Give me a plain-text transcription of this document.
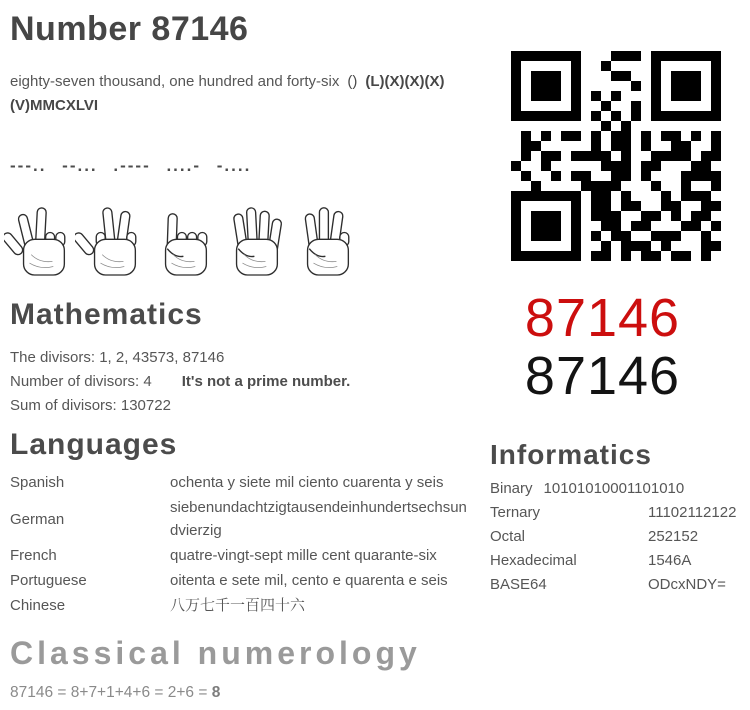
Number 87146

eighty-seven thousand, one hundred and forty-six () (L)(X)(X)(X)(V)MMCXLVI

---.. --... .---- ....- -....
87146
87146
Mathematics
The divisors: 1, 2, 43573, 87146
Number of divisors: 4 It's not a prime number.
Sum of divisors: 130722
Languages
Spanish	ochenta y siete mil ciento cuarenta y seis
German	siebenundachtzigtausendeinhundertsechsundvierzig
French	quatre-vingt-sept mille cent quarante-six
Portuguese	oitenta e sete mil, cento e quarenta e seis
Chinese	八万七千一百四十六
Informatics
Binary 10101010001101010
Ternary	11102112122
Octal	252152
Hexadecimal	1546A
BASE64	ODcxNDY=
Classical numerology
87146 = 8+7+1+4+6 = 2+6 = 8
